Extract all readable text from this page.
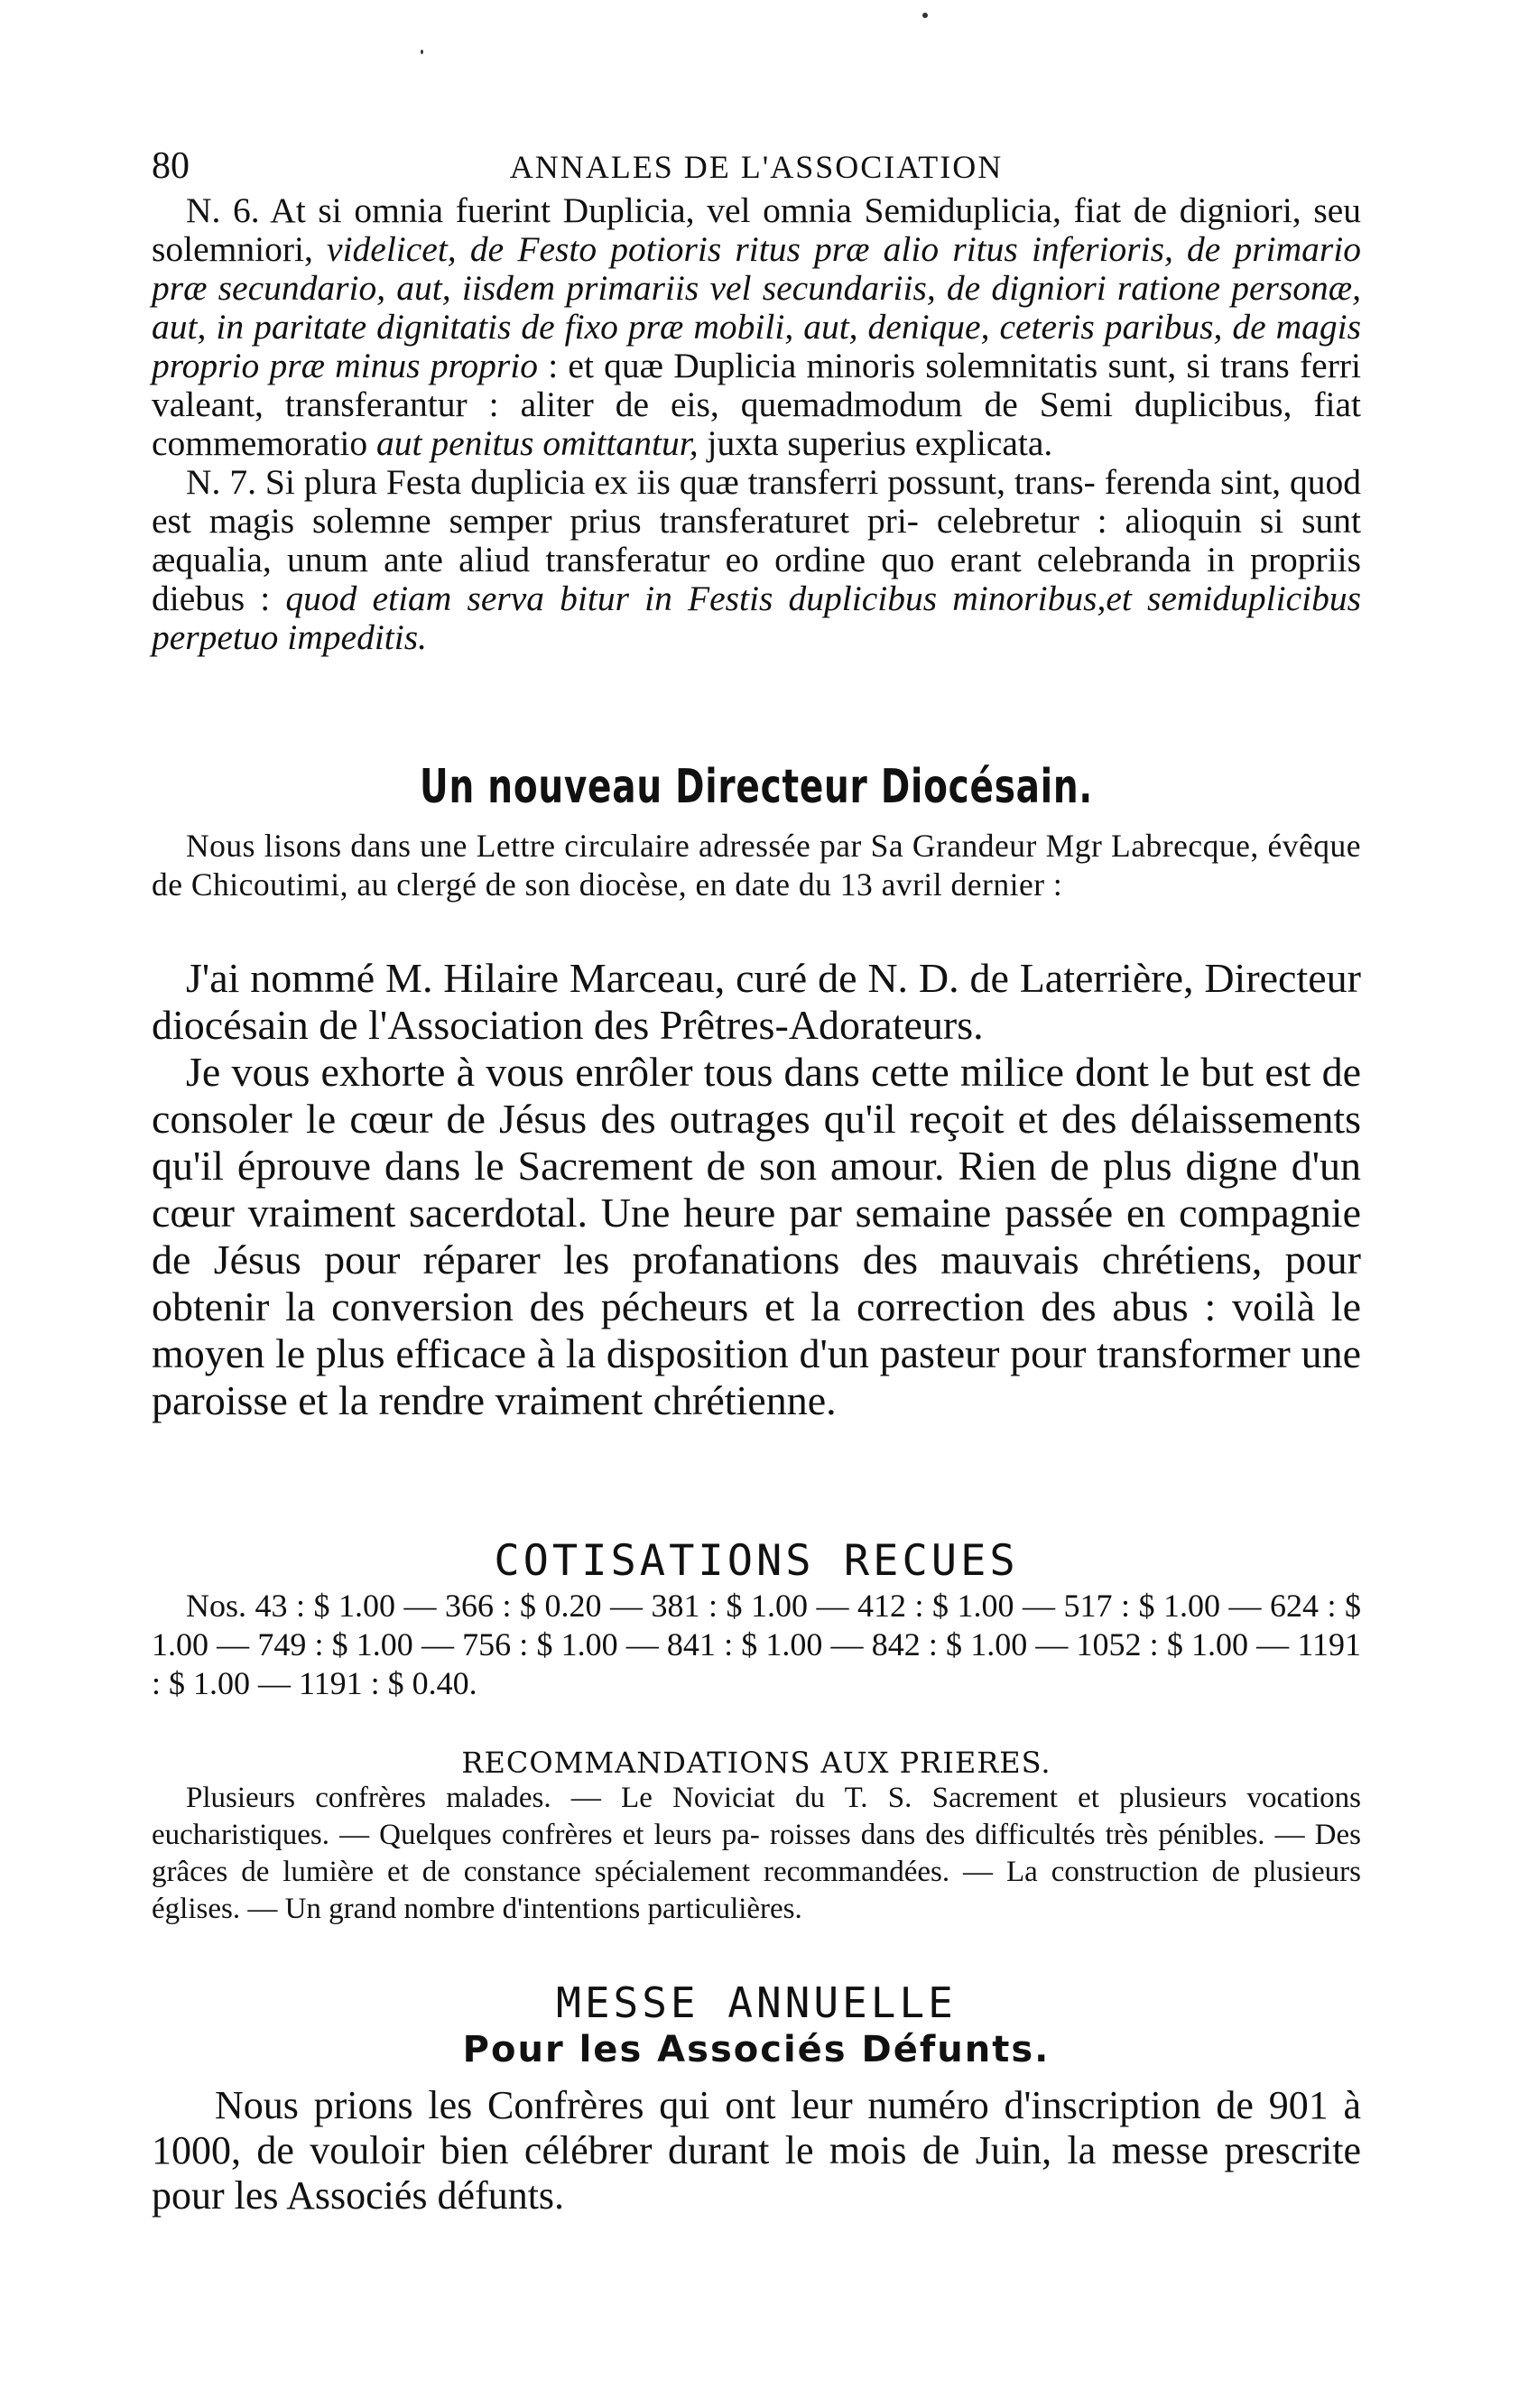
80	ANNALES DE L'ASSOCIATION

N. 6. At si omnia fuerint Duplicia, vel omnia Semiduplicia, fiat de digniori, seu solemniori, videlicet, de Festo potioris ritus præ alio ritus inferioris, de primario præ secundario, aut, iisdem primariis vel secundariis, de digniori ratione personæ, aut, in paritate dignitatis de fixo præ mobili, aut, denique, ceteris paribus, de magis proprio præ minus proprio : et quæ Duplicia minoris solemnitatis sunt, si trans ferri valeant, transferantur : aliter de eis, quemadmodum de Semi duplicibus, fiat commemoratio aut penitus omittantur, juxta superius explicata.

N. 7. Si plura Festa duplicia ex iis quæ transferri possunt, trans- ferenda sint, quod est magis solemne semper prius transferaturet pri- celebretur : alioquin si sunt æqualia, unum ante aliud transferatur eo ordine quo erant celebranda in propriis diebus : quod etiam serva bitur in Festis duplicibus minoribus,et semiduplicibus perpetuo impeditis.

Un nouveau Directeur Diocésain.

Nous lisons dans une Lettre circulaire adressée par Sa Grandeur Mgr Labrecque, évêque de Chicoutimi, au clergé de son diocèse, en date du 13 avril dernier :

J'ai nommé M. Hilaire Marceau, curé de N. D. de Laterrière, Directeur diocésain de l'Association des Prêtres-Adorateurs.

Je vous exhorte à vous enrôler tous dans cette milice dont le but est de consoler le cœur de Jésus des outrages qu'il reçoit et des délaissements qu'il éprouve dans le Sacrement de son amour. Rien de plus digne d'un cœur vraiment sacerdotal. Une heure par semaine passée en compagnie de Jésus pour réparer les profanations des mauvais chrétiens, pour obtenir la conversion des pécheurs et la correction des abus : voilà le moyen le plus efficace à la disposition d'un pasteur pour transformer une paroisse et la rendre vraiment chrétienne.

COTISATIONS RECUES

Nos. 43 : $ 1.00 — 366 : $ 0.20 — 381 : $ 1.00 — 412 : $ 1.00 — 517 : $ 1.00 — 624 : $ 1.00 — 749 : $ 1.00 — 756 : $ 1.00 — 841 : $ 1.00 — 842 : $ 1.00 — 1052 : $ 1.00 — 1191 : $ 1.00 — 1191 : $ 0.40.

RECOMMANDATIONS AUX PRIERES.

Plusieurs confrères malades. — Le Noviciat du T. S. Sacrement et plusieurs vocations eucharistiques. — Quelques confrères et leurs pa- roisses dans des difficultés très pénibles. — Des grâces de lumière et de constance spécialement recommandées. — La construction de plusieurs églises. — Un grand nombre d'intentions particulières.

MESSE ANNUELLE
Pour les Associés Défunts.

Nous prions les Confrères qui ont leur numéro d'inscription de 901 à 1000, de vouloir bien célébrer durant le mois de Juin, la messe prescrite pour les Associés défunts.
